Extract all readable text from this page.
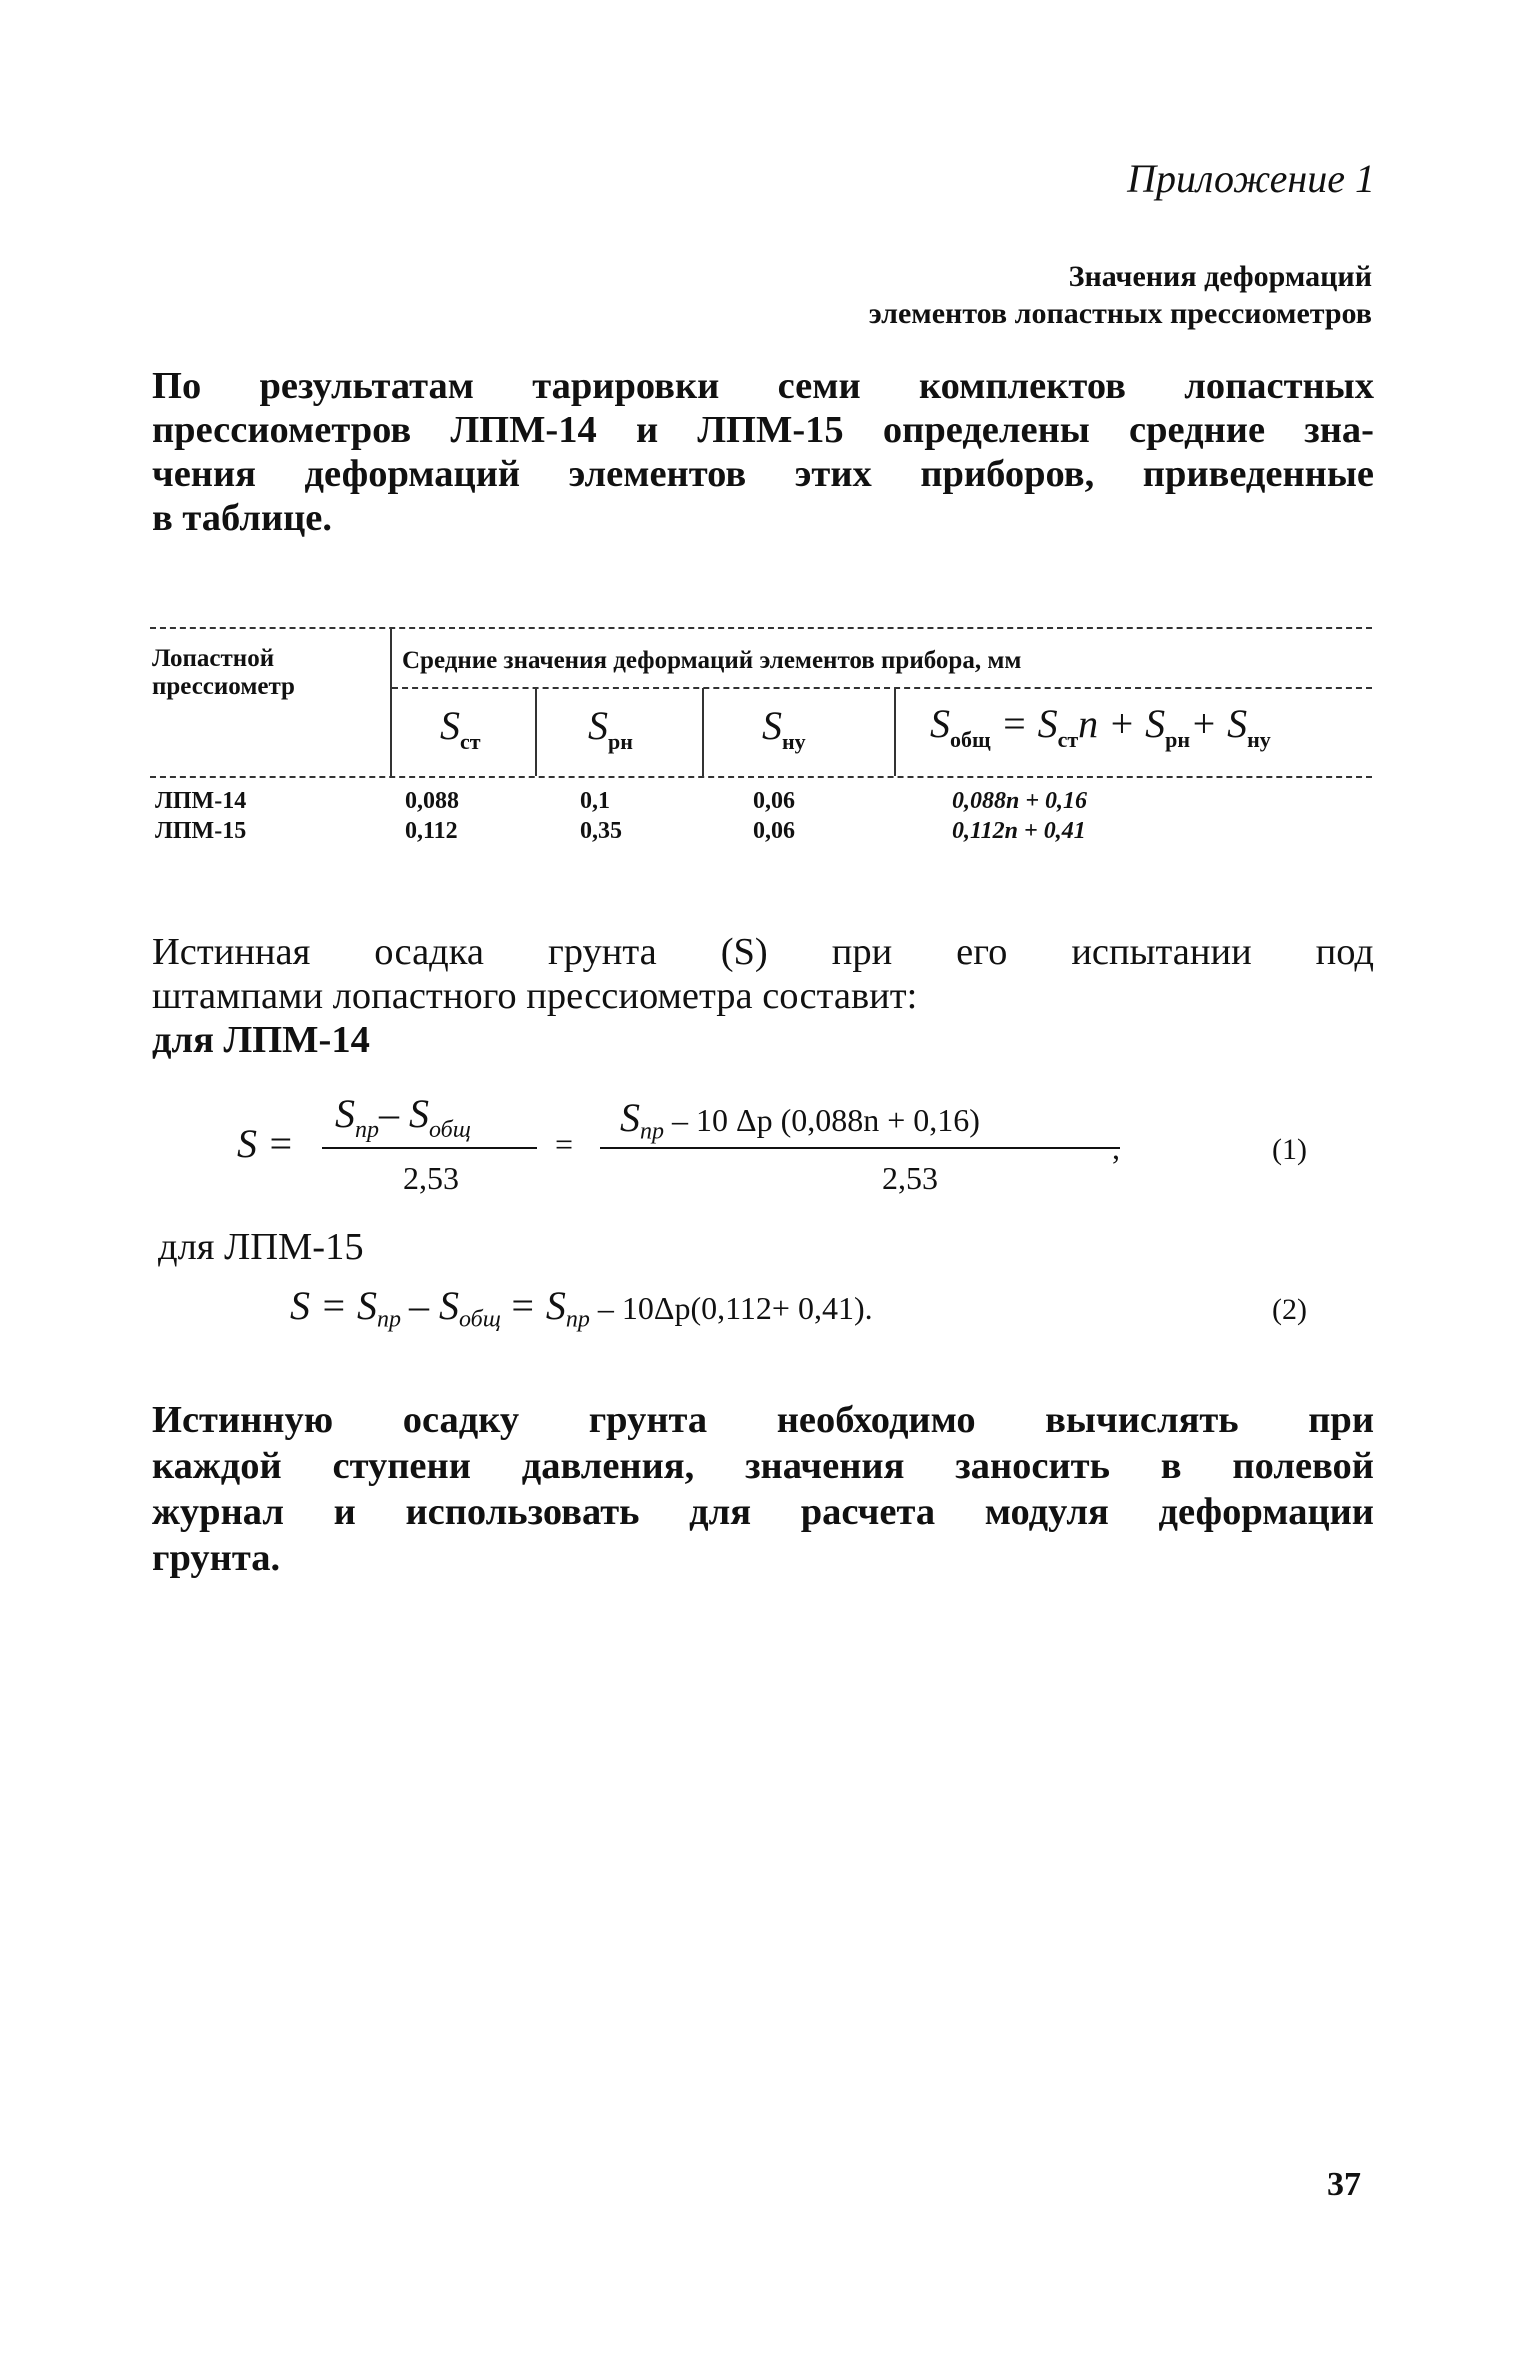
Приложение 1
Значения деформаций
элементов лопастных прессиометров
По результатам тарировки семи комплектов лопастных
прессиометров ЛПМ-14 и ЛПМ-15 определены средние зна-
чения деформаций элементов этих приборов, приведенные
в таблице.
Лопастной
прессиометр
Средние значения деформаций элементов прибора, мм
$S_{ст}$	$S_{рн}$	$S_{ну}$	$S_{общ} = S_{ст}n + S_{рн}+ S_{ну}$
ЛПМ-14	0,088	0,1	0,06	0,088n + 0,16
ЛПМ-15	0,112	0,35	0,06	0,112n + 0,41
Истинная осадка грунта (S) при его испытании под
штампами лопастного прессиометра составит:
для ЛПМ-14
S =
$S_{пр}-$ $S_{общ}$
2,53
=
$S_{пр} - 10$ Δp (0,088n + 0,16)
,
2,53
(1)
для ЛПМ-15
$S = S_{пр} - S_{общ} = S_{пр} - 10\Delta p(0,112+ 0,41)$.	(2)
Истинную осадку грунта необходимо вычислять при
каждой ступени давления, значения заносить в полевой
журнал и использовать для расчета модуля деформации
грунта.
37
